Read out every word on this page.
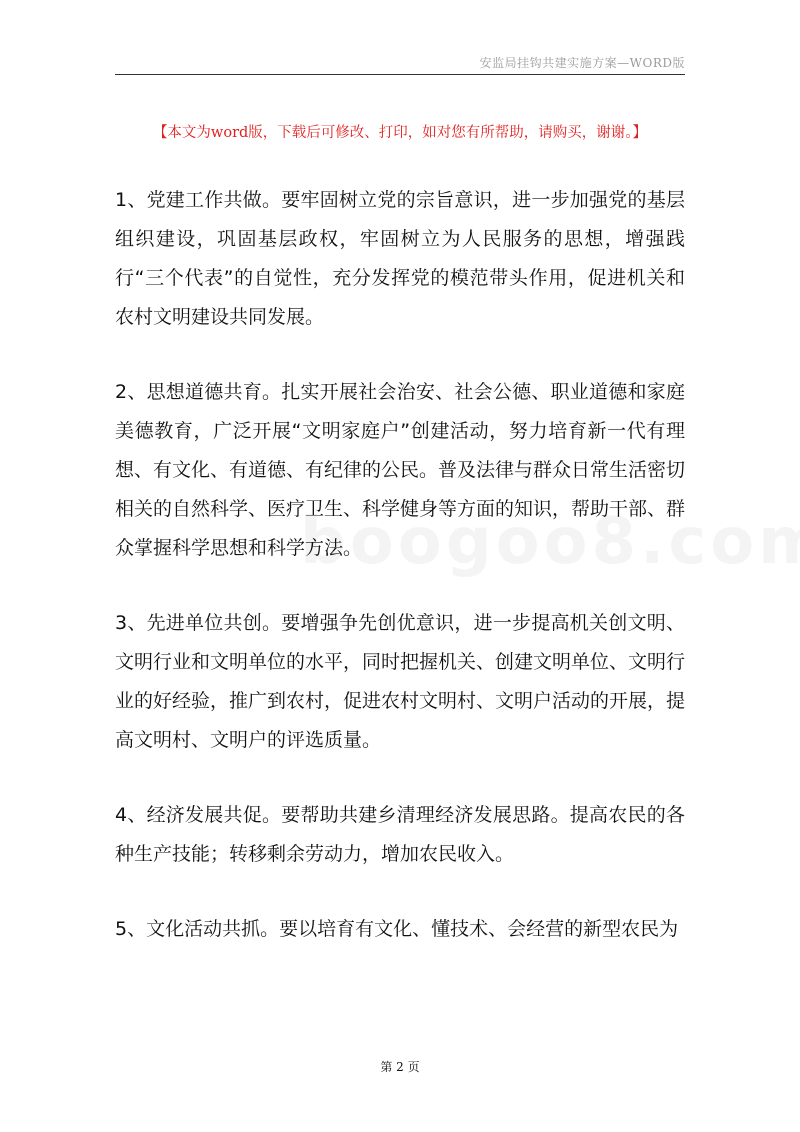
安监局挂钩共建实施方案—WORD版
【本文为word版，下载后可修改、打印，如对您有所帮助，请购买，谢谢。】

1、党建工作共做。要牢固树立党的宗旨意识，进一步加强党的基层组织建设，巩固基层政权，牢固树立为人民服务的思想，增强践行“三个代表”的自觉性，充分发挥党的模范带头作用，促进机关和农村文明建设共同发展。

2、思想道德共育。扎实开展社会治安、社会公德、职业道德和家庭美德教育，广泛开展“文明家庭户”创建活动，努力培育新一代有理想、有文化、有道德、有纪律的公民。普及法律与群众日常生活密切相关的自然科学、医疗卫生、科学健身等方面的知识，帮助干部、群众掌握科学思想和科学方法。

3、先进单位共创。要增强争先创优意识，进一步提高机关创文明、文明行业和文明单位的水平，同时把握机关、创建文明单位、文明行业的好经验，推广到农村，促进农村文明村、文明户活动的开展，提高文明村、文明户的评选质量。

4、经济发展共促。要帮助共建乡清理经济发展思路。提高农民的各种生产技能；转移剩余劳动力，增加农民收入。

5、文化活动共抓。要以培育有文化、懂技术、会经营的新型农民为

第 2 页
